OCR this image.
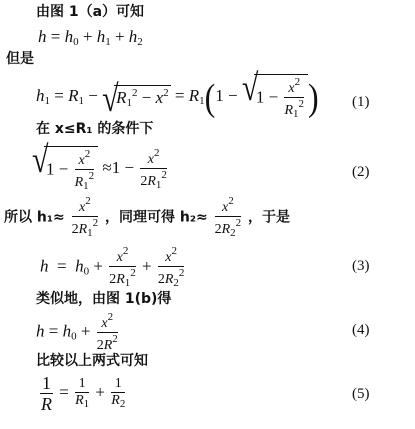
由图 1（a）可知
$h = h_0 + h_1 + h_2$
但是
$h_1 = R_1$ − √
$R_1^2 - x^2 = R_1(1$ − √
$1 - \frac{x^2}{R_1^2}$ ) (1)
在 x≤R₁ 的条件下
√
$1 - \frac{x^2}{R_1^2} \approx 1 - \frac{x^2}{2R_1^2}$	(2)
所以 $h_1\approx \frac{x^2}{2R_1^2}$ ，同理可得 $h_2\approx \frac{x^2}{2R_2^2}$ ，于是
$h = h_0 + \frac{x^2}{2R_1^2} + \frac{x^2}{2R_2^2}$	(3)
类似地，由图 1(b)得
$h = h_0 + \frac{x^2}{2R^2}$	(4)
比较以上两式可知
$\frac{1}{R} = \frac{1}{R_1} + \frac{1}{R_2}$	(5)
